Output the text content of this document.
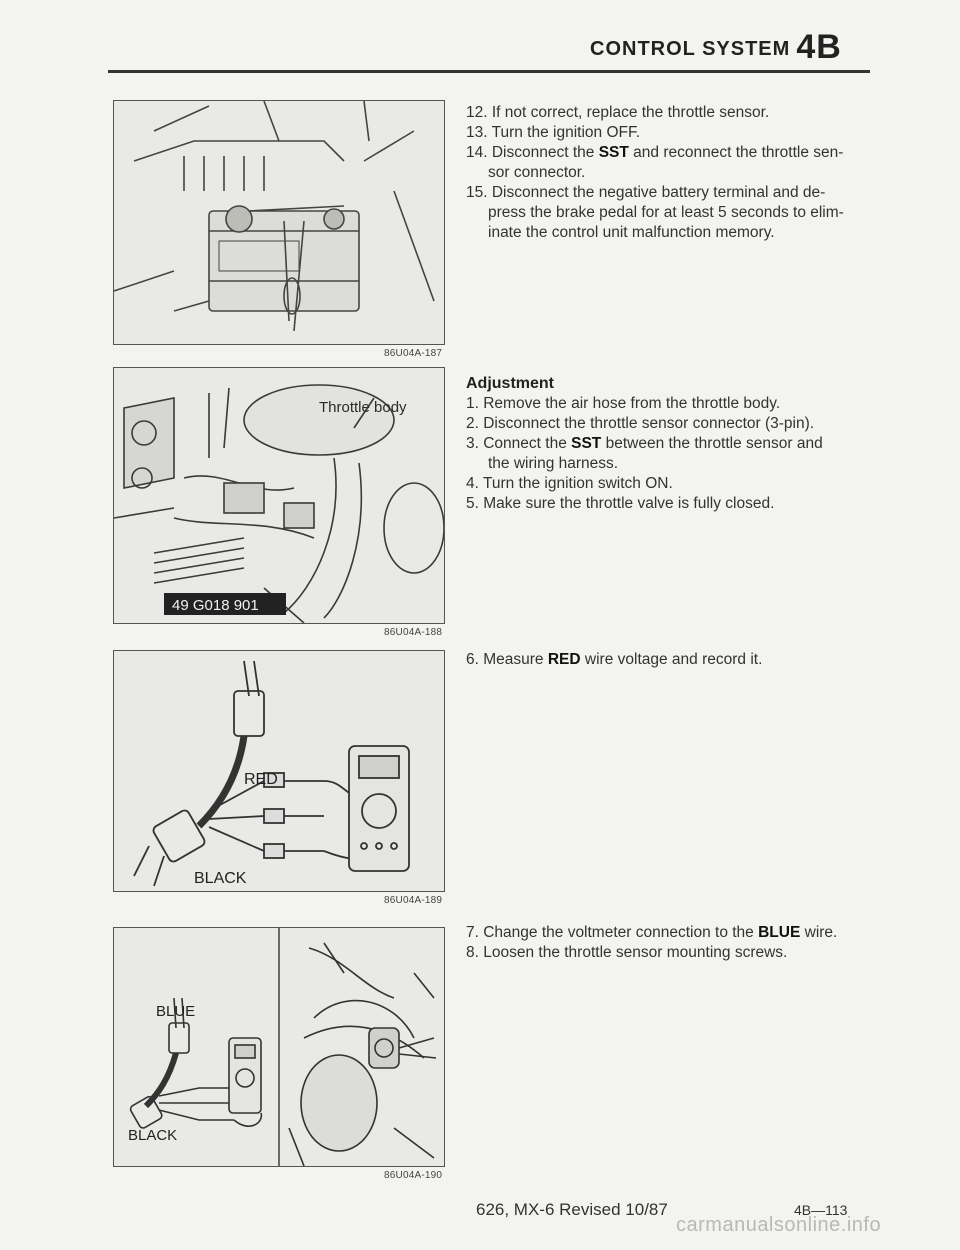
CONTROL SYSTEM 4B
86U04A-187
Throttle body
49 G018 901
86U04A-188
RED
BLACK
86U04A-189
BLUE
BLACK
86U04A-190

12. If not correct, replace the throttle sensor.

13. Turn the ignition OFF.

14. Disconnect the SST and reconnect the throttle sen-

sor connector.

15. Disconnect the negative battery terminal and de-

press the brake pedal for at least 5 seconds to elim-

inate the control unit malfunction memory.

Adjustment

1. Remove the air hose from the throttle body.

2. Disconnect the throttle sensor connector (3-pin).

3. Connect the SST between the throttle sensor and

the wiring harness.

4. Turn the ignition switch ON.

5. Make sure the throttle valve is fully closed.

6. Measure RED wire voltage and record it.

7. Change the voltmeter connection to the BLUE wire.

8. Loosen the throttle sensor mounting screws.

626, MX-6 Revised 10/87	4B—113
carmanualsonline.info
